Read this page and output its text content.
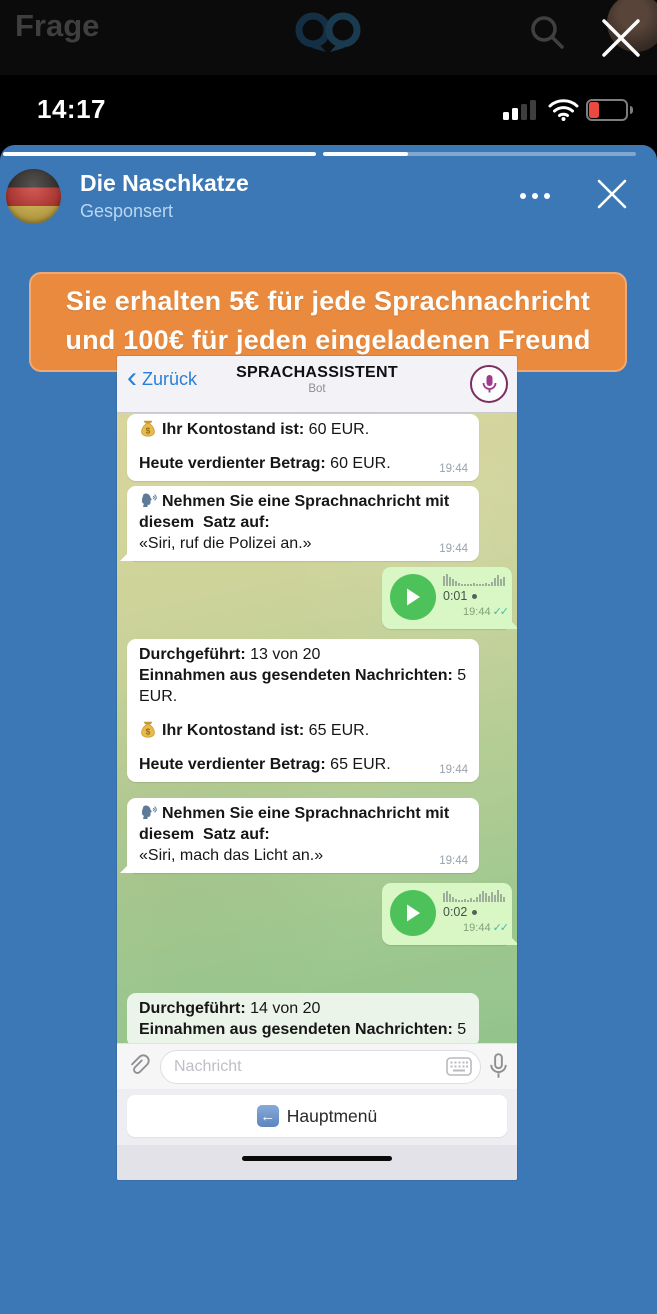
Frage
14:17
Die Naschkatze
Gesponsert
Sie erhalten 5€ für jede Sprachnachricht
und 100€ für jeden eingeladenen Freund
‹ Zurück	SPRACHASSISTENT
Bot
$ Ihr Kontostand ist: 60 EUR.
Heute verdienter Betrag: 60 EUR.	19:44
Nehmen Sie eine Sprachnachricht mit
diesem  Satz auf:
«Siri, ruf die Polizei an.»	19:44
0:01
19:44 ✓✓
Durchgeführt: 13 von 20
Einnahmen aus gesendeten Nachrichten: 5
EUR.
$ Ihr Kontostand ist: 65 EUR.
Heute verdienter Betrag: 65 EUR.	19:44
Nehmen Sie eine Sprachnachricht mit
diesem  Satz auf:
«Siri, mach das Licht an.»	19:44
0:02
19:44 ✓✓
Durchgeführt: 14 von 20
Einnahmen aus gesendeten Nachrichten: 5
Nachricht
← Hauptmenü
